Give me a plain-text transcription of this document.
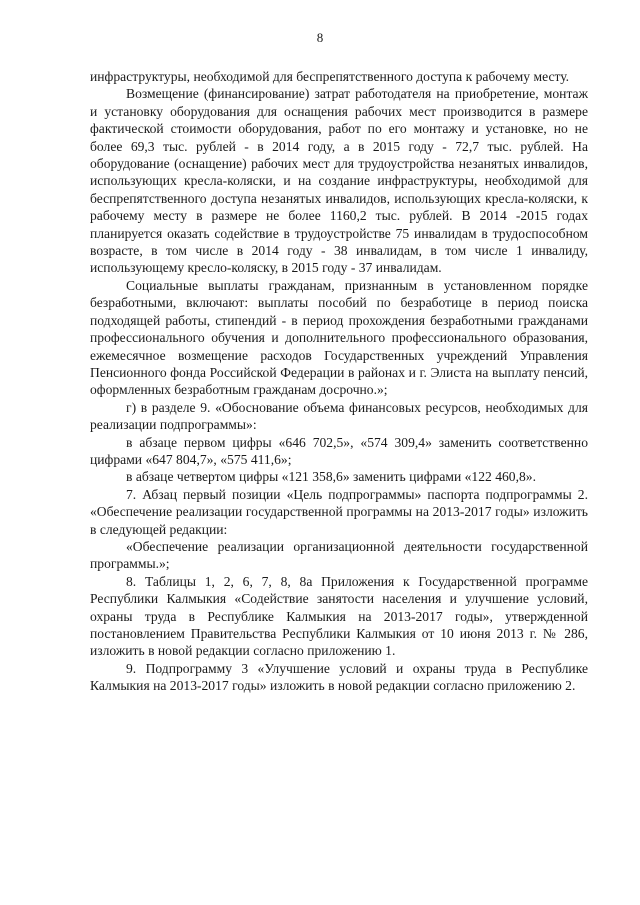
8

инфраструктуры, необходимой для беспрепятственного доступа к рабочему месту.

Возмещение (финансирование) затрат работодателя на приобретение, монтаж и установку оборудования для оснащения рабочих мест производится в размере фактической стоимости оборудования, работ по его монтажу и установке, но не более 69,3 тыс. рублей - в 2014 году, а в 2015 году - 72,7 тыс. рублей. На оборудование (оснащение) рабочих мест для трудоустройства незанятых инвалидов, использующих кресла-коляски, и на создание инфраструктуры, необходимой для беспрепятственного доступа незанятых инвалидов, использующих кресла-коляски, к рабочему месту в размере не более 1160,2 тыс. рублей. В 2014 -2015 годах планируется оказать содействие в трудоустройстве 75 инвалидам в трудоспособном возрасте, в том числе в 2014 году - 38 инвалидам, в том числе 1 инвалиду, использующему кресло-коляску, в 2015 году - 37 инвалидам.

Социальные выплаты гражданам, признанным в установленном порядке безработными, включают: выплаты пособий по безработице в период поиска подходящей работы, стипендий - в период прохождения безработными гражданами профессионального обучения и дополнительного профессионального образования, ежемесячное возмещение расходов Государственных учреждений Управления Пенсионного фонда Российской Федерации в районах и г. Элиста на выплату пенсий, оформленных безработным гражданам досрочно.»;

г) в разделе 9. «Обоснование объема финансовых ресурсов, необходимых для реализации подпрограммы»:

в абзаце первом цифры «646 702,5», «574 309,4» заменить соответственно цифрами «647 804,7», «575 411,6»;

в абзаце четвертом цифры «121 358,6» заменить цифрами «122 460,8».

7. Абзац первый позиции «Цель подпрограммы» паспорта подпрограммы 2. «Обеспечение реализации государственной программы на 2013-2017 годы» изложить в следующей редакции:

«Обеспечение реализации организационной деятельности государственной программы.»;

8. Таблицы 1, 2, 6, 7, 8, 8а Приложения к Государственной программе Республики Калмыкия «Содействие занятости населения и улучшение условий, охраны труда в Республике Калмыкия на 2013-2017 годы», утвержденной постановлением Правительства Республики Калмыкия от 10 июня 2013 г. № 286, изложить в новой редакции согласно приложению 1.

9. Подпрограмму 3 «Улучшение условий и охраны труда в Республике Калмыкия на 2013-2017 годы» изложить в новой редакции согласно приложению 2.
